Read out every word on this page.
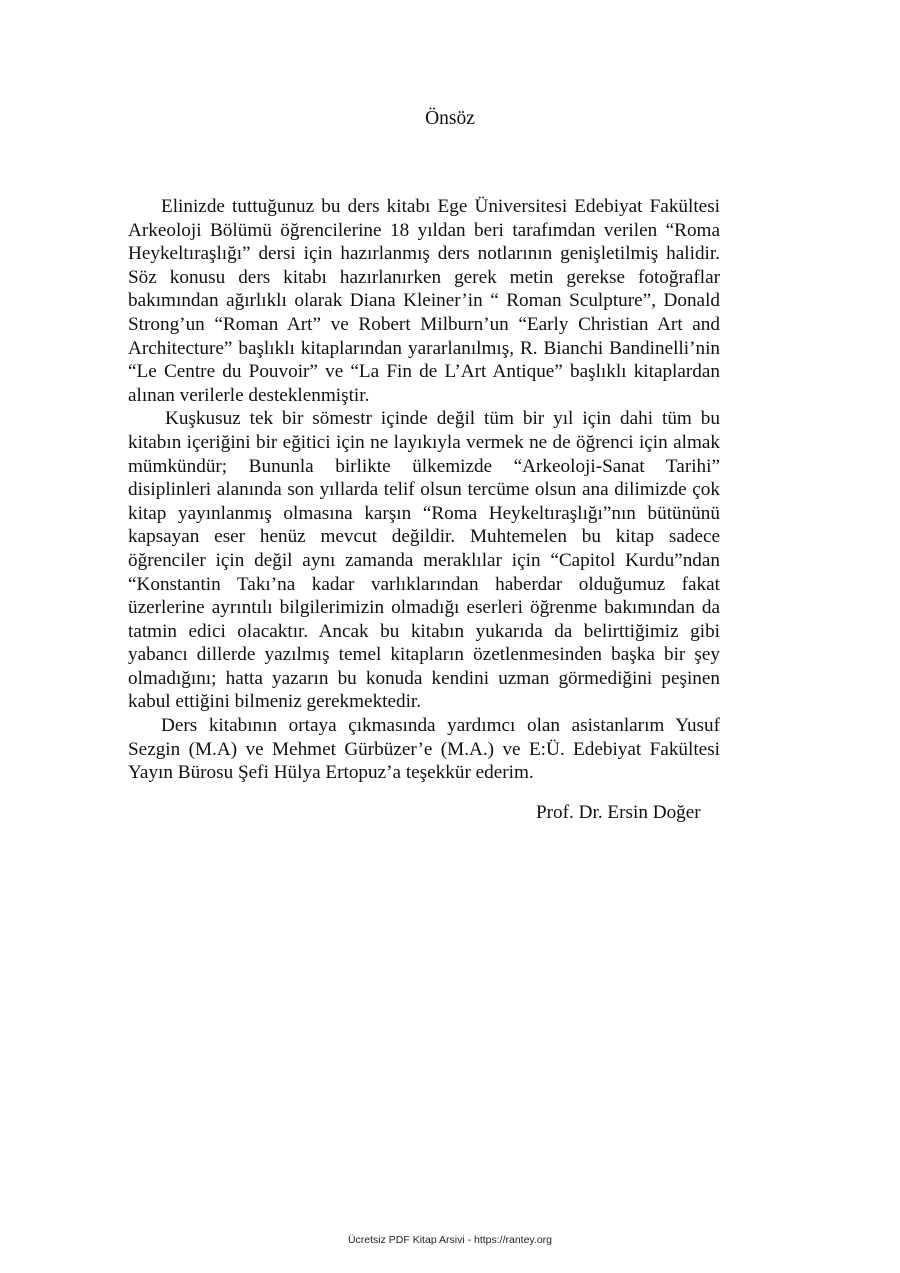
Önsöz

Elinizde tuttuğunuz bu ders kitabı Ege Üniversitesi Edebiyat Fakültesi Arkeoloji Bölümü öğrencilerine 18 yıldan beri tarafımdan verilen “Roma Heykeltıraşlığı” dersi için hazırlanmış ders notlarının genişletilmiş halidir. Söz konusu ders kitabı hazırlanırken gerek metin gerekse fotoğraflar bakımından ağırlıklı olarak Diana Kleiner’in “ Roman Sculpture”, Donald Strong’un “Roman Art” ve Robert Milburn’un “Early Christian Art and Architecture” başlıklı kitaplarından yararlanılmış, R. Bianchi Bandinelli’nin “Le Centre du Pouvoir” ve “La Fin de L’Art Antique” başlıklı kitaplardan alınan verilerle desteklenmiştir.

Kuşkusuz tek bir sömestr içinde değil tüm bir yıl için dahi tüm bu kitabın içeriğini bir eğitici için ne layıkıyla vermek ne de öğrenci için almak mümkündür; Bununla birlikte ülkemizde “Arkeoloji-Sanat Tarihi” disiplinleri alanında son yıllarda telif olsun tercüme olsun ana dilimizde çok kitap yayınlanmış olmasına karşın “Roma Heykeltıraşlığı”nın bütününü kapsayan eser henüz mevcut değildir. Muhtemelen bu kitap sadece öğrenciler için değil aynı zamanda meraklılar için “Capitol Kurdu”ndan “Konstantin Takı’na kadar varlıklarından haberdar olduğumuz fakat üzerlerine ayrıntılı bilgilerimizin olmadığı eserleri öğrenme bakımından da tatmin edici olacaktır. Ancak bu kitabın yukarıda da belirttiğimiz gibi yabancı dillerde yazılmış temel kitapların özetlenmesinden başka bir şey olmadığını; hatta yazarın bu konuda kendini uzman görmediğini peşinen kabul ettiğini bilmeniz gerekmektedir.

Ders kitabının ortaya çıkmasında yardımcı olan asistanlarım Yusuf Sezgin (M.A) ve Mehmet Gürbüzer’e (M.A.) ve E:Ü. Edebiyat Fakültesi Yayın Bürosu Şefi Hülya Ertopuz’a teşekkür ederim.

Prof. Dr. Ersin Doğer
Ücretsiz PDF Kitap Arsivi - https://rantey.org
